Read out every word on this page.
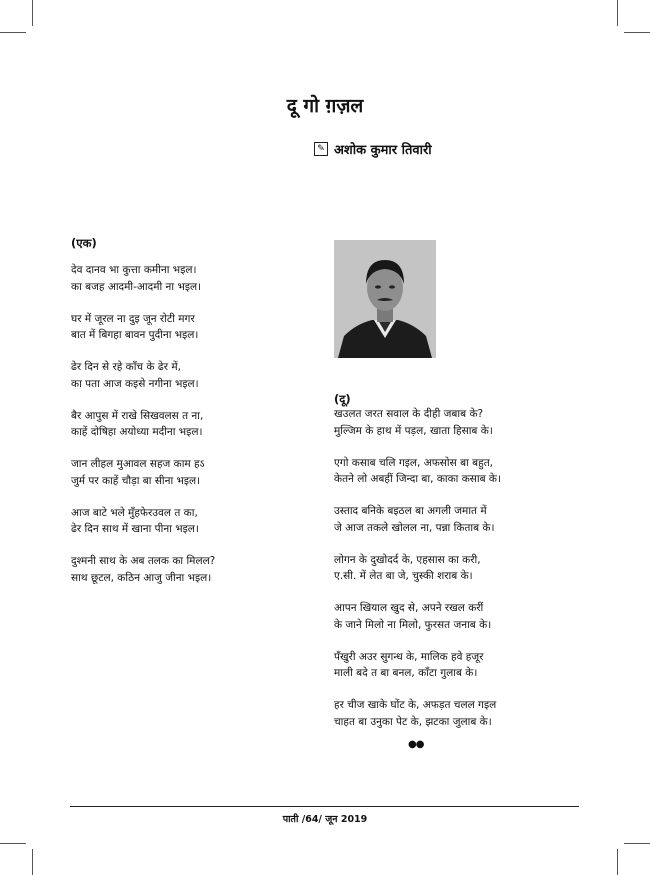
दू गो ग़ज़ल
✎ अशोक कुमार तिवारी

(एक)

देव दानव भा कुत्ता कमीना भइल।
का बजह आदमी-आदमी ना भइल।
घर में जूरल ना दुइ जून रोटी मगर
बात में बिगहा बावन पुदीना भइल।
ढेर दिन से रहे काँच के ढेर में,
का पता आज कइसे नगीना भइल।
बैर आपुस में राखे सिखवलस त ना,
काहें दोषिहा अयोध्या मदीना भइल।
जान लीहल मुआवल सहज काम हऽ
जुर्म पर काहें चौड़ा बा सीना भइल।
आज बाटे भले मुँहफेरउवल त का,
ढेर दिन साथ में खाना पीना भइल।
दुश्मनी साथ के अब तलक का मिलल?
साथ छूटल, कठिन आजु जीना भइल।

(दू)

खउलत जरत सवाल के दीही जबाब के?
मुल्जिम के हाथ में पड़ल, खाता हिसाब के।
एगो कसाब चलि गइल, अफसोस बा बहुत,
केतने लो अबहीं जिन्दा बा, काका कसाब के।
उस्ताद बनिके बइठल बा अगली जमात में
जे आज तकले खोलल ना, पन्ना किताब के।
लोगन के दुखोदर्द के, एहसास का करी,
ए.सी. में लेत बा जे, चुस्की शराब के।
आपन खियाल खुद से, अपने रखल करीं
के जाने मिलो ना मिलो, फुरसत जनाब के।
पँखुरी अउर सुगन्ध के, मालिक हवे हजूर
माली बदे त बा बनल, काँटा गुलाब के।
हर चीज खाके घोंट के, अफड़त चलल गइल
चाहत बा उनुका पेट के, झटका जुलाब के।
●●
पाती /64/ जून 2019
